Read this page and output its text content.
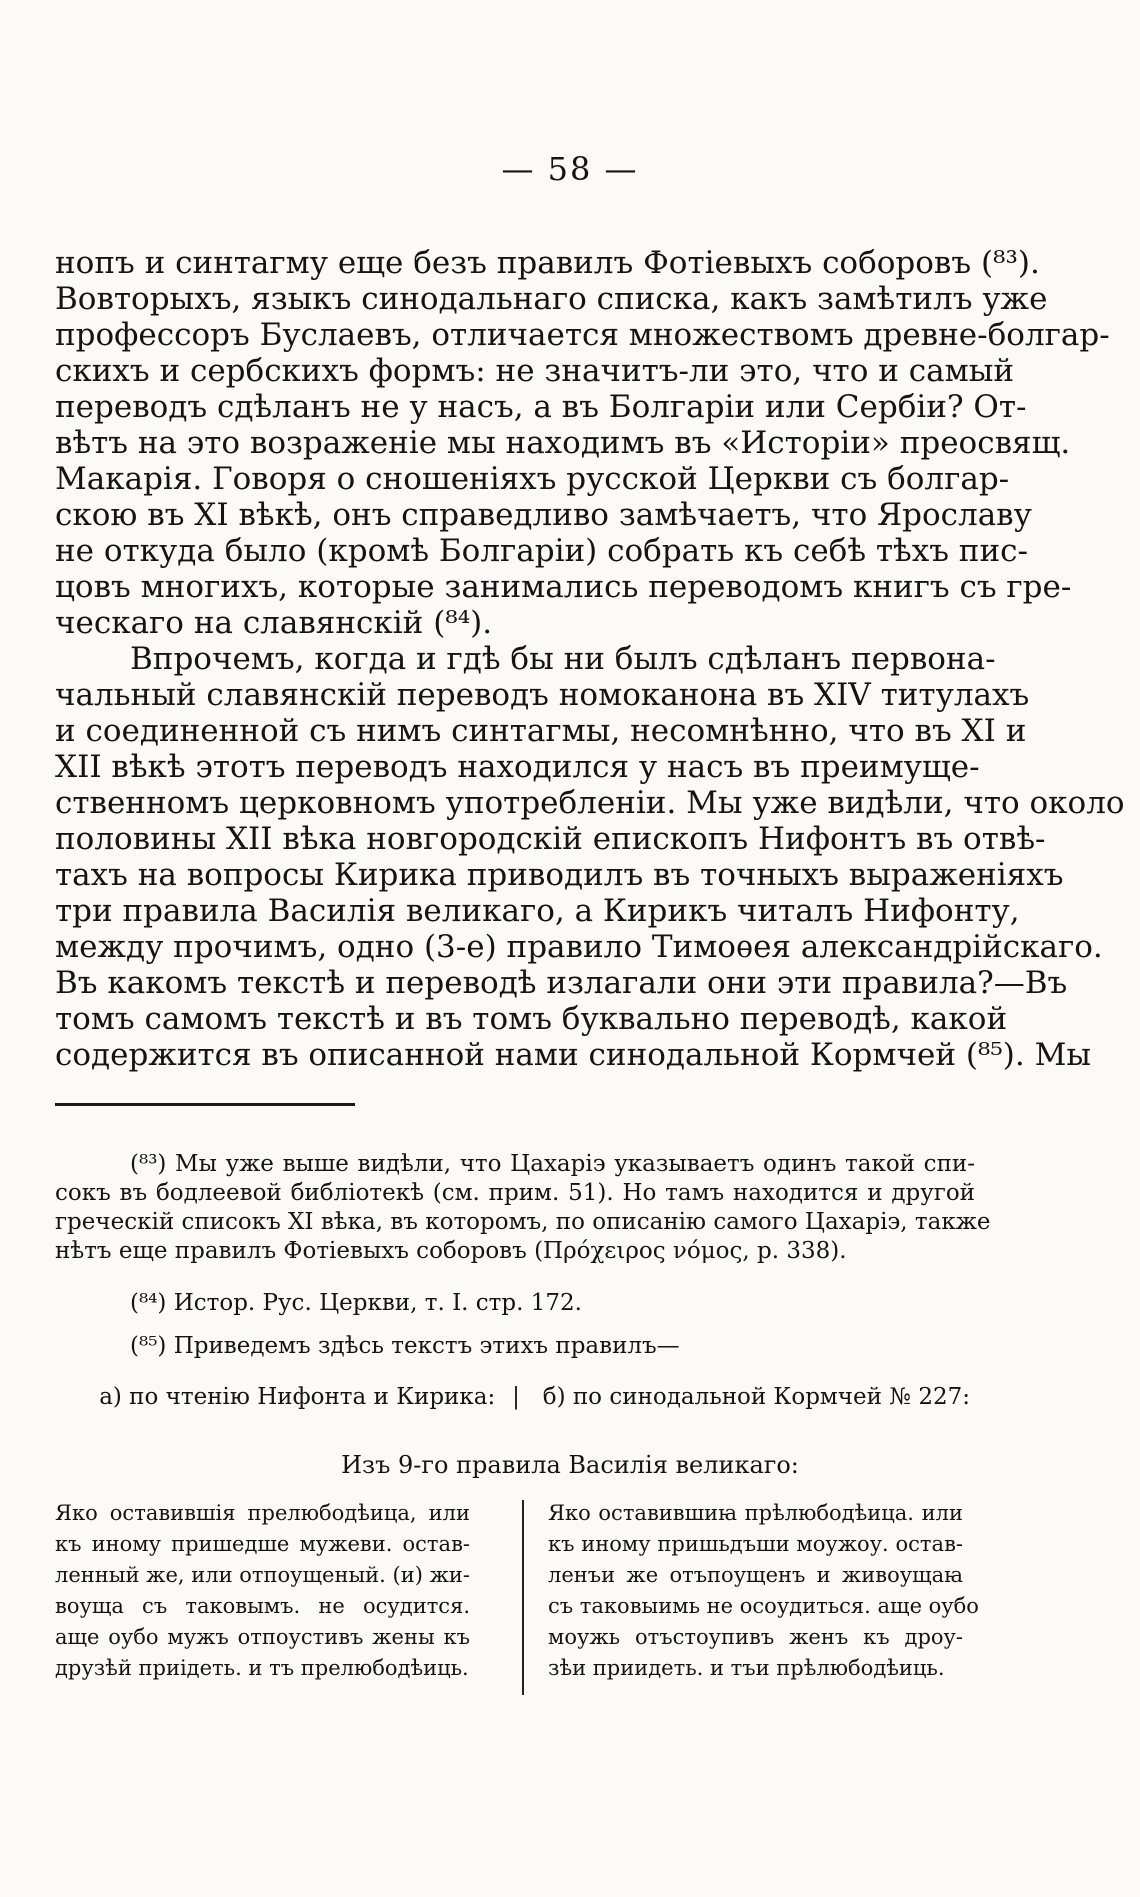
— 58 —
нопъ и синтагму еще безъ правилъ Фотіевыхъ соборовъ (⁸³).
Вовторыхъ, языкъ синодальнаго списка, какъ замѣтилъ уже
профессоръ Буслаевъ, отличается множествомъ древне-болгар-
скихъ и сербскихъ формъ: не значитъ-ли это, что и самый
переводъ сдѣланъ не у насъ, а въ Болгаріи или Сербіи? От-
вѣтъ на это возраженіе мы находимъ въ «Исторіи» преосвящ.
Макарія. Говоря о сношеніяхъ русской Церкви съ болгар-
скою въ XI вѣкѣ, онъ справедливо замѣчаетъ, что Ярославу
не откуда было (кромѣ Болгаріи) собрать къ себѣ тѣхъ пис-
цовъ многихъ, которые занимались переводомъ книгъ съ гре-
ческаго на славянскій (⁸⁴).
Впрочемъ, когда и гдѣ бы ни былъ сдѣланъ первона-
чальный славянскій переводъ номоканона въ XIV титулахъ
и соединенной съ нимъ синтагмы, несомнѣнно, что въ XI и
XII вѣкѣ этотъ переводъ находился у насъ въ преимуще-
ственномъ церковномъ употребленіи. Мы уже видѣли, что около
половины XII вѣка новгородскій епископъ Нифонтъ въ отвѣ-
тахъ на вопросы Кирика приводилъ въ точныхъ выраженіяхъ
три правила Василія великаго, а Кирикъ читалъ Нифонту,
между прочимъ, одно (3-е) правило Тимоѳея александрійскаго.
Въ какомъ текстѣ и переводѣ излагали они эти правила?—Въ
томъ самомъ текстѣ и въ томъ буквально переводѣ, какой
содержится въ описанной нами синодальной Кормчей (⁸⁵). Мы
(⁸³) Мы уже выше видѣли, что Цахаріэ указываетъ одинъ такой спи-
сокъ въ бодлеевой библіотекѣ (см. прим. 51). Но тамъ находится и другой
греческій списокъ XI вѣка, въ которомъ, по описанію самого Цахаріэ, также
нѣтъ еще правилъ Фотіевыхъ соборовъ (Πρόχειρος νόμος, p. 338).
(⁸⁴) Истор. Рус. Церкви, т. I. стр. 172.
(⁸⁵) Приведемъ здѣсь текстъ этихъ правилъ—
а) по чтенію Нифонта и Кирика: | б) по синодальной Кормчей № 227:
Изъ 9-го правила Василія великаго:
Яко оставившія прелюбодѣица, или
къ иному пришедше мужеви. остав-
ленный же, или отпоущеный. (и) жи-
воуща съ таковымъ. не осудится.
аще оубо мужъ отпоустивъ жены къ
друзѣй приідеть. и тъ прелюбодѣиць.
Яко оставившиꙗ прѣлюбодѣица. или
къ иному пришьдъши моужоу. остав-
ленъи же отъпоущенъ и живоущаꙗ
съ таковыимь не осоудиться. аще оубо
моужь отъстоупивъ женъ къ дроу-
зѣи приидеть. и тъи прѣлюбодѣиць.
